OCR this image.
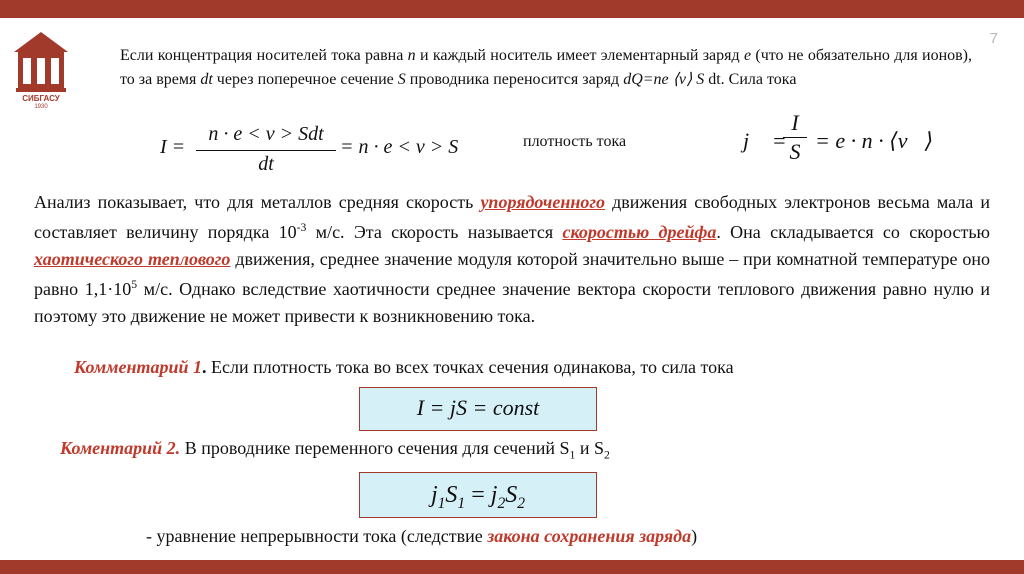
7
СИБГАСУ
1930
Если концентрация носителей тока равна n и каждый носитель имеет элементарный заряд e (что не обязательно для ионов), то за время dt через поперечное сечение S проводника переносится заряд dQ=ne ⟨v⟩ S dt. Сила тока
I =
n · e < v > Sdt
dt
= n · e < v > S	плотность тока	j⃗ =
I
S = e · n · ⟨v⃗⟩
Анализ показывает, что для металлов средняя скорость упорядоченного движения свободных электронов весьма мала и составляет величину порядка $10^{-3}$ м/с. Эта скорость называется скоростью дрейфа. Она складывается со скоростью хаотического теплового движения, среднее значение модуля которой значительно выше – при комнатной температуре оно равно $1,1\cdot 10^5$ м/с. Однако вследствие хаотичности среднее значение вектора скорости теплового движения равно нулю и поэтому это движение не может привести к возникновению тока.
Комментарий 1. Если плотность тока во всех точках сечения одинакова, то сила тока
I = jS = const
Коментарий 2. В проводнике переменного сечения для сечений $S_1$ и $S_2$
$j_1S_1 = j_2S_2$
- уравнение непрерывности тока (следствие закона сохранения заряда)
